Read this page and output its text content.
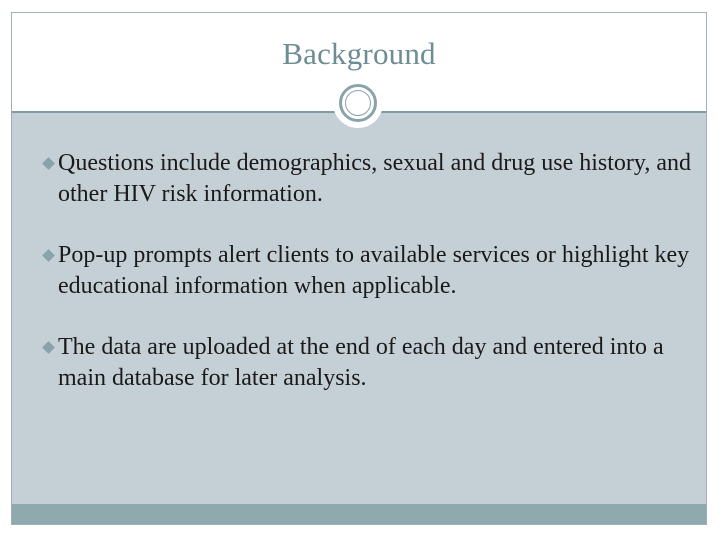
Background
Questions include demographics, sexual and drug use history, and other HIV risk information.
Pop-up prompts alert clients to available services or highlight key educational information when applicable.
The data are uploaded at the end of each day and entered into a main database for later analysis.
